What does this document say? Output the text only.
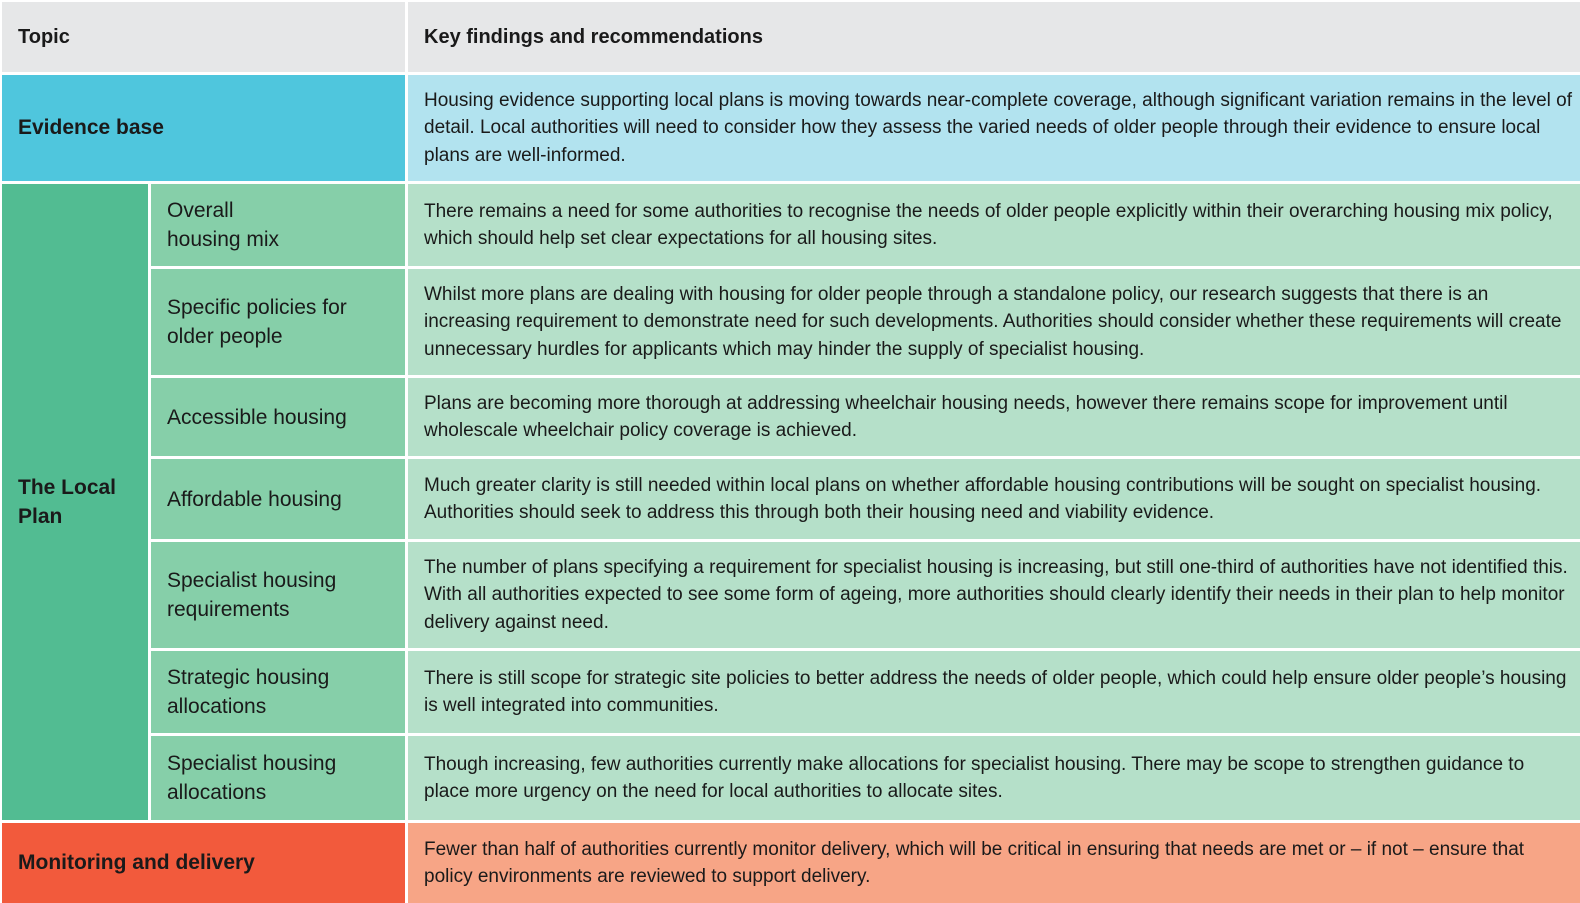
Topic	Key findings and recommendations
Evidence base
Housing evidence supporting local plans is moving towards near-complete coverage, although significant variation remains in the level of detail. Local authorities will need to consider how they assess the varied needs of older people through their evidence to ensure local plans are well-informed.
The Local
Plan
Overall
housing mix
There remains a need for some authorities to recognise the needs of older people explicitly within their overarching housing mix policy, which should help set clear expectations for all housing sites.
Specific policies for
older people
Whilst more plans are dealing with housing for older people through a standalone policy, our research suggests that there is an increasing requirement to demonstrate need for such developments. Authorities should consider whether these requirements will create unnecessary hurdles for applicants which may hinder the supply of specialist housing.
Accessible housing
Plans are becoming more thorough at addressing wheelchair housing needs, however there remains scope for improvement until wholescale wheelchair policy coverage is achieved.
Affordable housing
Much greater clarity is still needed within local plans on whether affordable housing contributions will be sought on specialist housing. Authorities should seek to address this through both their housing need and viability evidence.
Specialist housing
requirements
The number of plans specifying a requirement for specialist housing is increasing, but still one-third of authorities have not identified this. With all authorities expected to see some form of ageing, more authorities should clearly identify their needs in their plan to help monitor delivery against need.
Strategic housing
allocations
There is still scope for strategic site policies to better address the needs of older people, which could help ensure older people’s housing is well integrated into communities.
Specialist housing
allocations
Though increasing, few authorities currently make allocations for specialist housing. There may be scope to strengthen guidance to place more urgency on the need for local authorities to allocate sites.
Monitoring and delivery
Fewer than half of authorities currently monitor delivery, which will be critical in ensuring that needs are met or – if not – ensure that policy environments are reviewed to support delivery.
